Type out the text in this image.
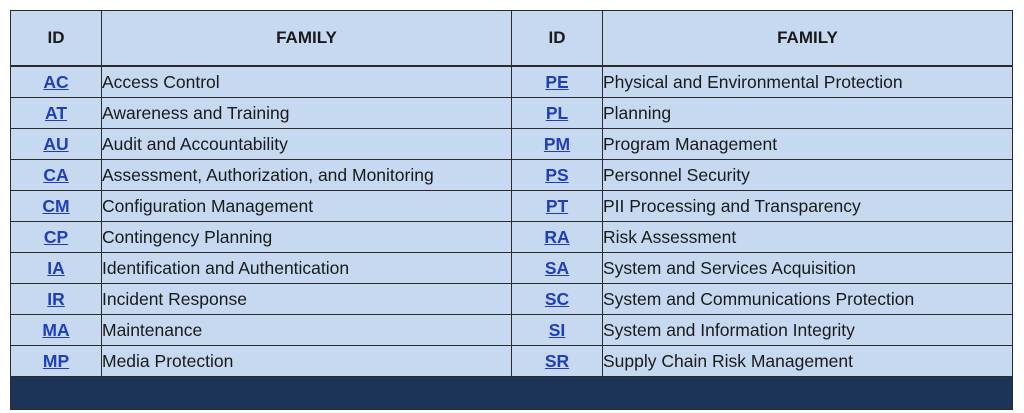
ID	FAMILY	ID	FAMILY
AC	Access Control	PE	Physical and Environmental Protection
AT	Awareness and Training	PL	Planning
AU	Audit and Accountability	PM	Program Management
CA	Assessment, Authorization, and Monitoring	PS	Personnel Security
CM	Configuration Management	PT	PII Processing and Transparency
CP	Contingency Planning	RA	Risk Assessment
IA	Identification and Authentication	SA	System and Services Acquisition
IR	Incident Response	SC	System and Communications Protection
MA	Maintenance	SI	System and Information Integrity
MP	Media Protection	SR	Supply Chain Risk Management
